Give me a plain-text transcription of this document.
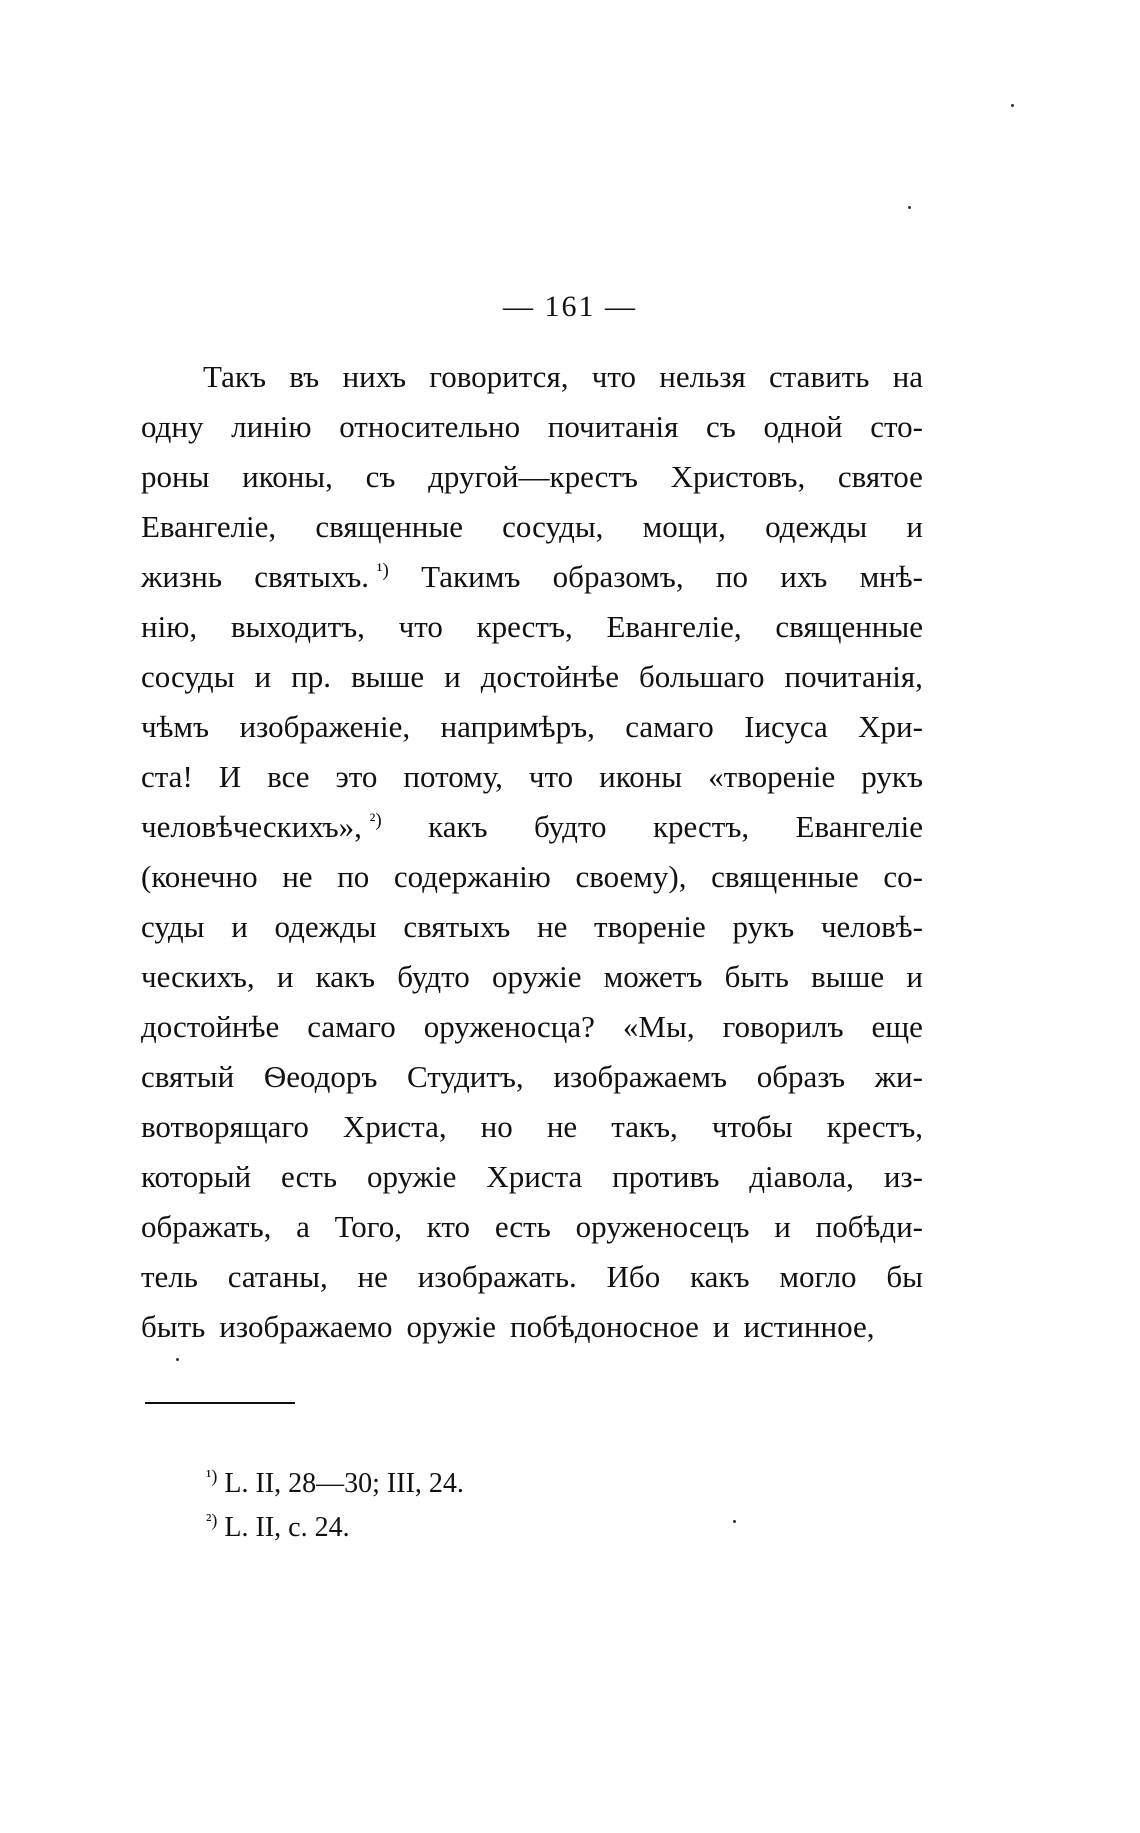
— 161 —
Такъ въ нихъ говорится, что нельзя ставить на
одну линію относительно почитанія съ одной сто-
роны иконы, съ другой—крестъ Христовъ, святое
Евангеліе, священные сосуды, мощи, одежды и
жизнь святыхъ. $^{^1)}$ Такимъ образомъ, по ихъ мнѣ-
нію, выходитъ, что крестъ, Евангеліе, священные
сосуды и пр. выше и достойнѣе большаго почитанія,
чѣмъ изображеніе, напримѣръ, самаго Іисуса Хри-
ста! И все это потому, что иконы «твореніе рукъ
человѣческихъ», $^{^2)}$ какъ будто крестъ, Евангеліе
(конечно не по содержанію своему), священные со-
суды и одежды святыхъ не твореніе рукъ человѣ-
ческихъ, и какъ будто оружіе можетъ быть выше и
достойнѣе самаго оруженосца? «Мы, говорилъ еще
святый Ѳеодоръ Студитъ, изображаемъ образъ жи-
вотворящаго Христа, но не такъ, чтобы крестъ,
который есть оружіе Христа противъ діавола, из-
ображать, а Того, кто есть оруженосецъ и побѣди-
тель сатаны, не изображать. Ибо какъ могло бы
быть изображаемо оружіе побѣдоносное и истинное,
$^{^1)}$ L. II, 28—30; III, 24.
$^{^2)}$ L. II, c. 24.
